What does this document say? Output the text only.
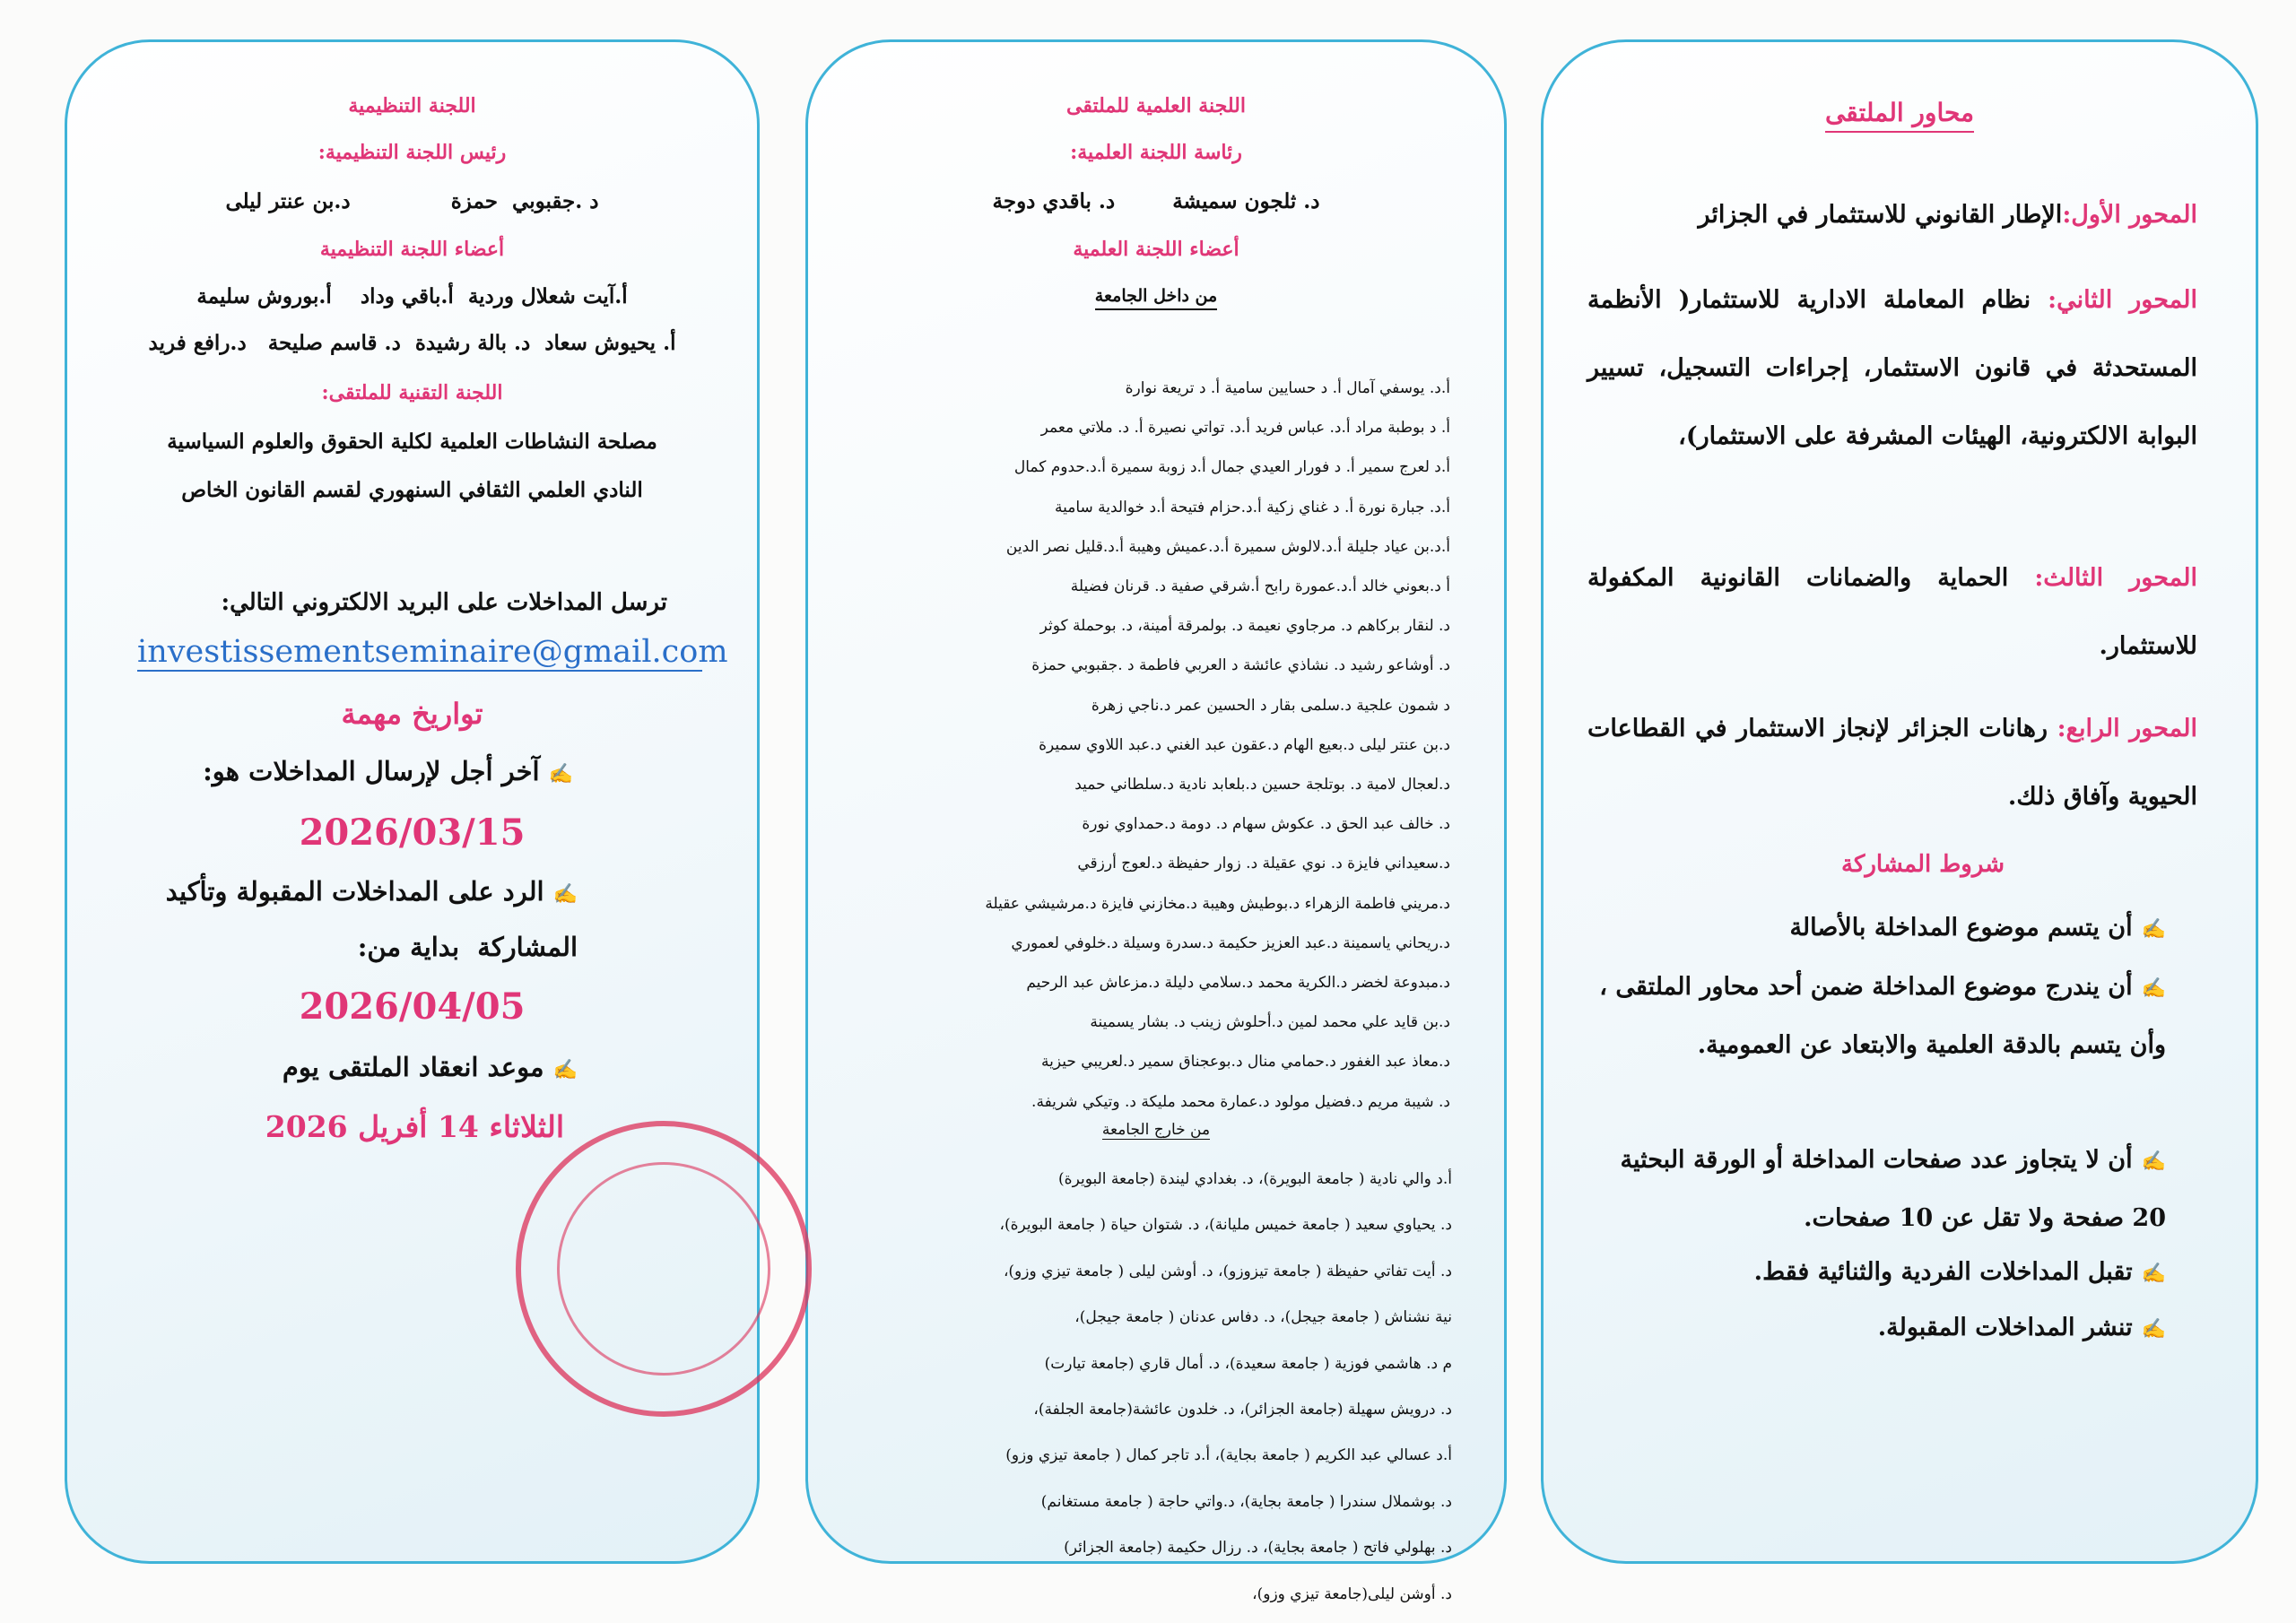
اللجنة التنظيمية
رئيس اللجنة التنظيمية:
د .جقبوبي  حمزة              د.بن عنتر ليلى
أعضاء اللجنة التنظيمية
أ.آيت شعلال وردية  أ.باقي وداد    أ.بوروش سليمة
أ. يحيوش سعاد  د. بالة رشيدة  د. قاسم صليحة   د.رافع فريد
اللجنة التقنية للملتقى:
مصلحة النشاطات العلمية لكلية الحقوق والعلوم السياسية
النادي العلمي الثقافي السنهوري لقسم القانون الخاص
ترسل المداخلات على البريد الالكتروني التالي:
investissementseminaire@gmail.com
تواريخ مهمة
✍آخر أجل لإرسال المداخلات هو:
2026/03/15
✍الرد على المداخلات المقبولة وتأكيد
المشاركة  بداية من:
2026/04/05
✍موعد انعقاد الملتقى يوم
الثلاثاء 14 أفريل 2026
اللجنة العلمية للملتقى
رئاسة اللجنة العلمية:
د. ثلجون سميشة        د. باقدي دوجة
أعضاء اللجنة العلمية
من داخل الجامعة
أ.د. يوسفي آمال أ. د حسايين سامية أ. د تريعة نوارة
أ. د بوطبة مراد أ.د. عباس فريد أ.د. تواتي نصيرة أ. د. ملاتي معمر
أ.د لعرج سمير أ. د فورار العيدي جمال أ.د زوبة سميرة أ.د.حدوم كمال
أ.د. جبارة نورة أ. د غناي زكية أ.د.حزام فتيحة أ.د خوالدية سامية
أ.د.بن عياد جليلة أ.د.لالوش سميرة أ.د.عميش وهيبة أ.د.قليل نصر الدين
أ د.بعوني خالد أ.د.عمورة رابح أ.شرقي صفية د. قرنان فضيلة
د. لنقار بركاهم د. مرجاوي نعيمة د. بولمرقة أمينة، د. بوحملة كوثر
د. أوشاعو رشيد د. نشاذي عائشة د العربي فاطمة د .جقبوبي حمزة
د شمون علجية د.سلمى بقار د الحسين عمر د.ناجي زهرة
د.بن عنتر ليلى د.بعيع الهام د.عقون عبد الغني د.عبد اللاوي سميرة
د.لعجال لامية د. بوتلجة حسين د.بلعابد نادية د.سلطاني حميد
د. خالف عبد الحق د. عكوش سهام د. دومة د.حمداوي نورة
د.سعيداني فايزة د. نوي عقيلة د. زوار حفيظة د.لعوج أرزقي
د.مريني فاطمة الزهراء د.بوطيش وهيبة د.مخازني فايزة د.مرشيشي عقيلة
د.ريحاني ياسمينة د.عبد العزيز حكيمة د.سدرة وسيلة د.خلوفي لعموري
د.مبدوعة لخضر د.الكرية محمد د.سلامي دليلة د.مزعاش عبد الرحيم
د.بن قايد علي محمد لمين د.أحلوش زينب د. بشار يسمينة
د.معاذ عبد الغفور د.حمامي منال د.بوعجناق سمير د.لعريبي حيزية
د. شيبة مريم د.فضيل مولود د.عمارة محمد مليكة د. وتيكي شريفة.
من خارج الجامعة
أ.د والي نادية ( جامعة البويرة)، د. بغدادي ليندة (جامعة البويرة)
د. يحياوي سعيد ( جامعة خميس مليانة)، د. شتوان حياة ( جامعة البويرة)،
د. أيت تفاتي حفيظة ( جامعة تيزوزو)، د. أوشن ليلى ( جامعة تيزي وزو)،
نية نشناش ( جامعة جيجل)، د. دفاس عدنان ( جامعة جيجل)،
م د. هاشمي فوزية ( جامعة سعيدة)، د. أمال قاري (جامعة تيارت)
د. درويش سهيلة (جامعة الجزائر)، د. خلدون عائشة(جامعة الجلفة)،
أ.د عسالي عبد الكريم ( جامعة بجاية)، أ.د تاجر كمال ( جامعة تيزي وزو)
د. بوشملال سندرا ( جامعة بجاية)، د.واتي حاجة ( جامعة مستغانم)
د. بهلولي فاتح ( جامعة بجاية)، د. رزال حكيمة (جامعة الجزائر)
د. أوشن ليلى(جامعة تيزي وزو)،
محاور الملتقى
المحور الأول:الإطار القانوني للاستثمار في الجزائر
المحور الثاني: نظام المعاملة الادارية للاستثمار( الأنظمة المستحدثة في قانون الاستثمار، إجراءات التسجيل، تسيير البوابة الالكترونية، الهيئات المشرفة على الاستثمار)،
المحور الثالث: الحماية والضمانات القانونية المكفولة للاستثمار.
المحور الرابع: رهانات الجزائر لإنجاز الاستثمار في القطاعات الحيوية وآفاق ذلك.
شروط المشاركة
✍أن يتسم موضوع المداخلة بالأصالة
✍أن يندرج موضوع المداخلة ضمن أحد محاور الملتقى ، وأن يتسم بالدقة العلمية والابتعاد عن العمومية.
✍أن لا يتجاوز عدد صفحات المداخلة أو الورقة البحثية 20 صفحة ولا تقل عن 10 صفحات.
✍تقبل المداخلات الفردية والثنائية فقط.
✍تنشر المداخلات المقبولة.
